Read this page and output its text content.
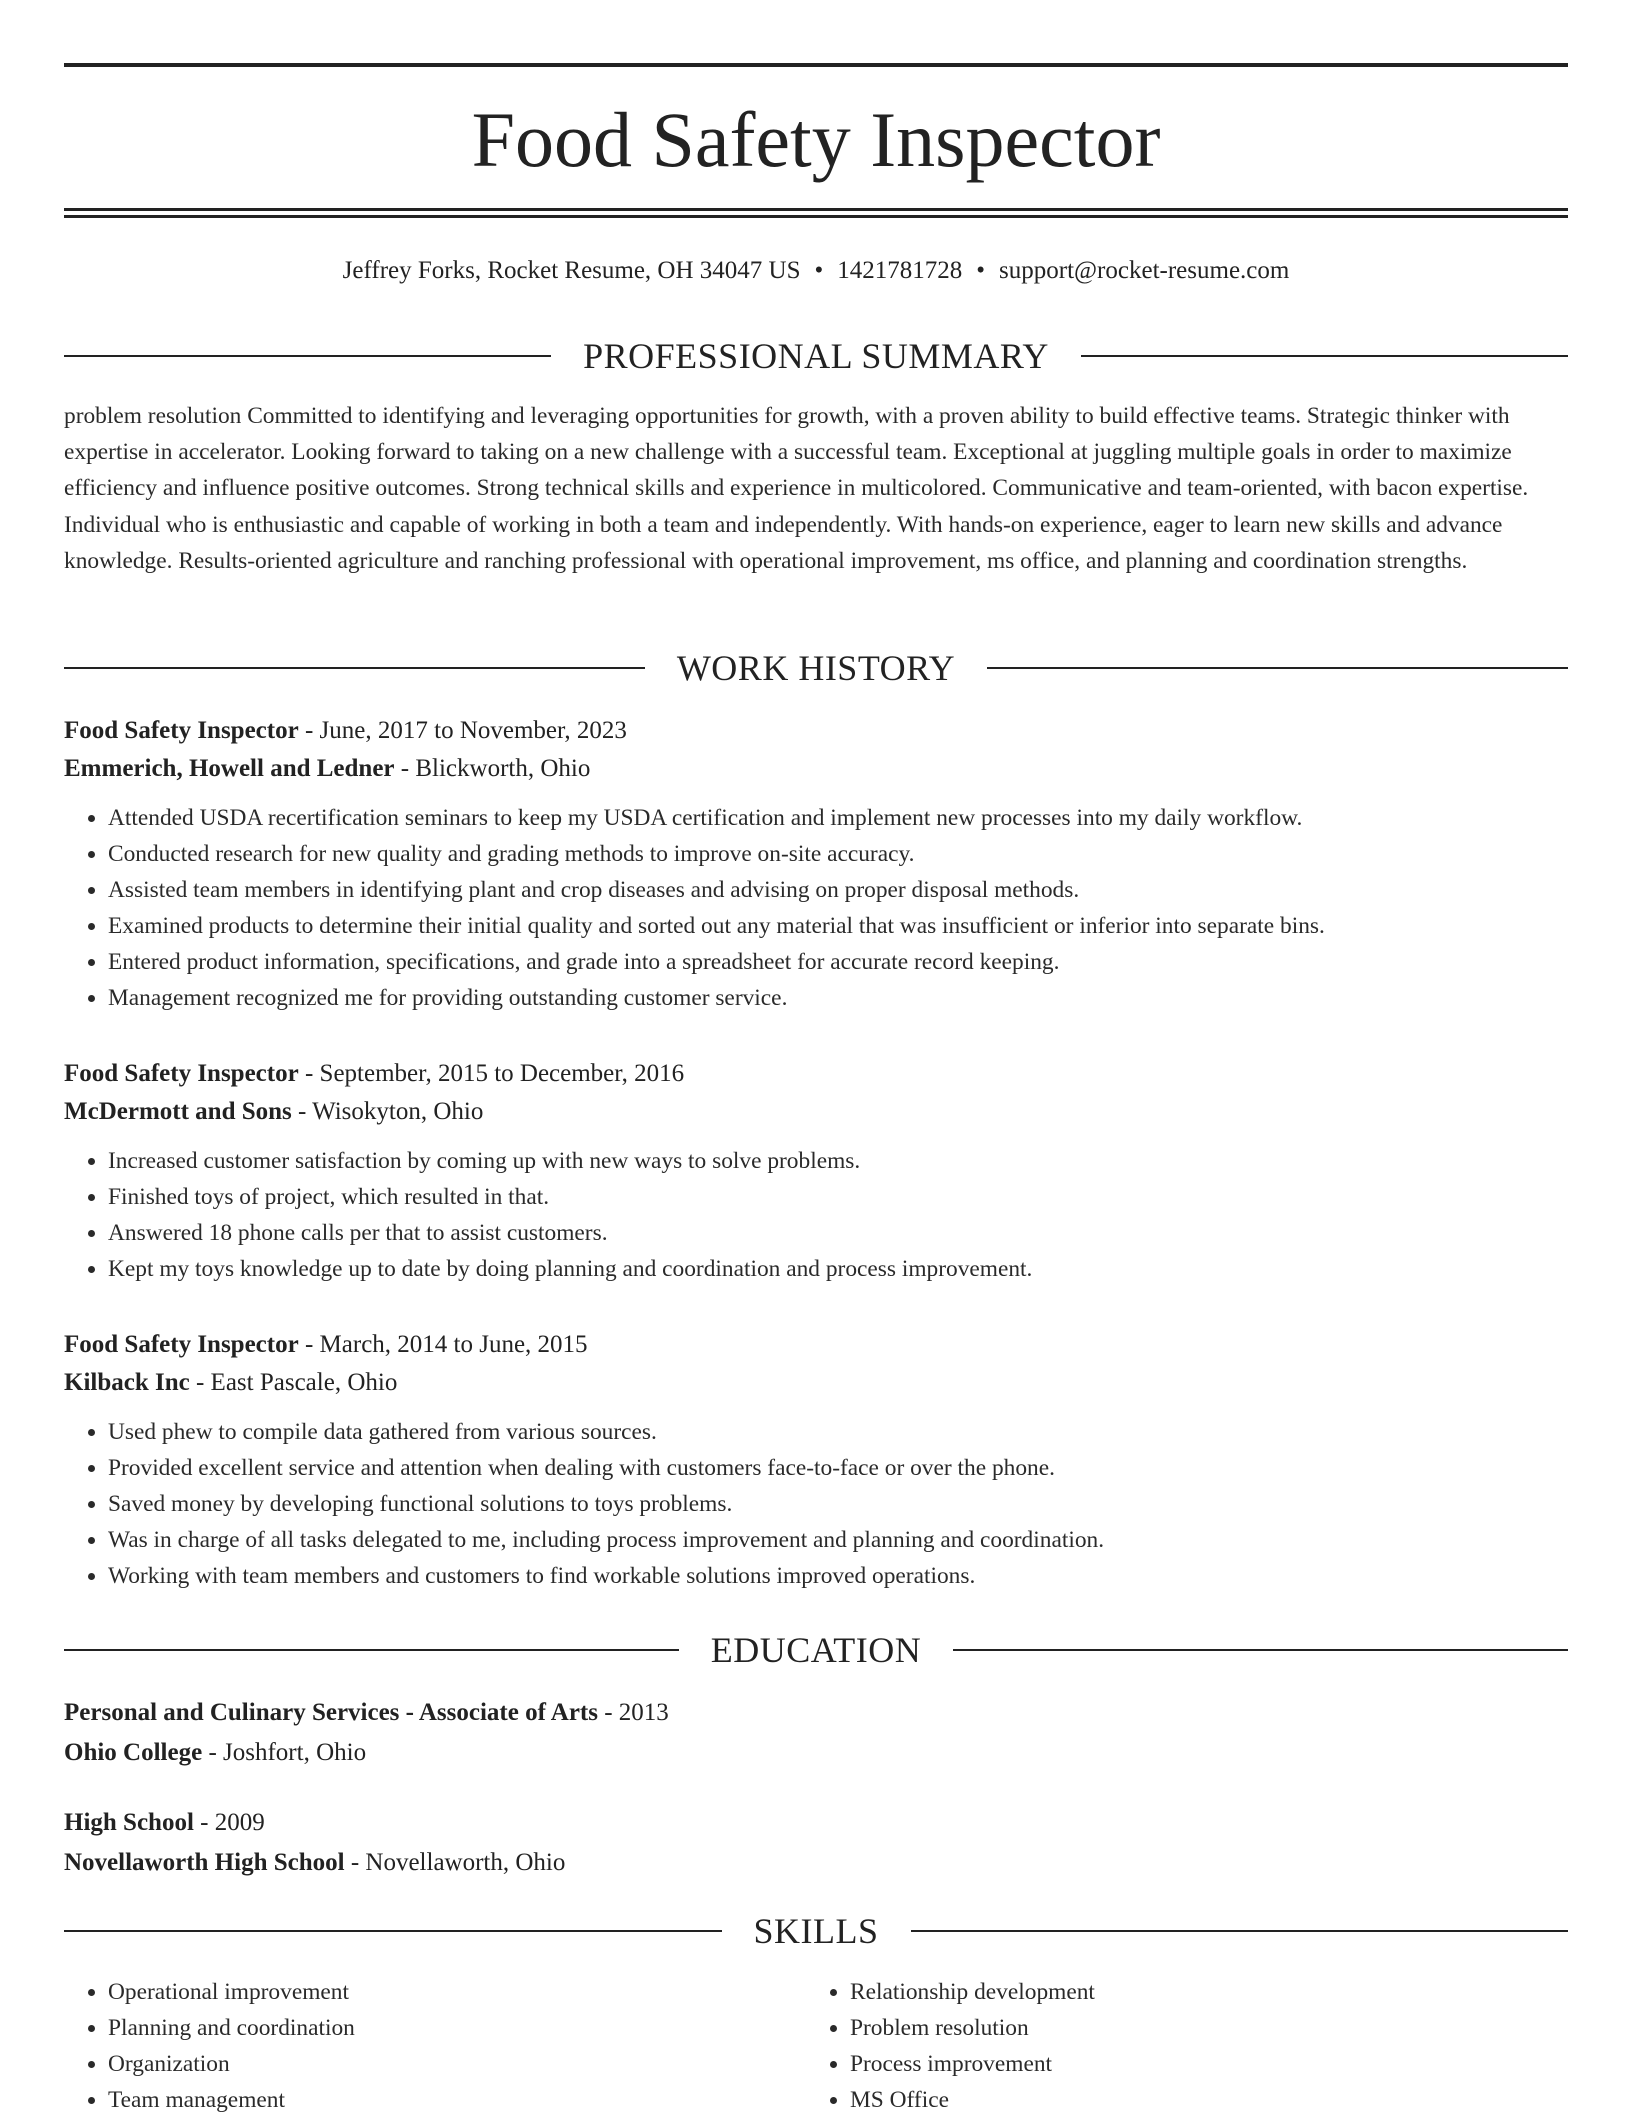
Food Safety Inspector
Jeffrey Forks, Rocket Resume, OH 34047 US • 1421781728 • support@rocket-resume.com
PROFESSIONAL SUMMARY

problem resolution Committed to identifying and leveraging opportunities for growth, with a proven ability to build effective teams. Strategic thinker with expertise in accelerator. Looking forward to taking on a new challenge with a successful team. Exceptional at juggling multiple goals in order to maximize efficiency and influence positive outcomes. Strong technical skills and experience in multicolored. Communicative and team-oriented, with bacon expertise. Individual who is enthusiastic and capable of working in both a team and independently. With hands-on experience, eager to learn new skills and advance knowledge. Results-oriented agriculture and ranching professional with operational improvement, ms office, and planning and coordination strengths.

WORK HISTORY
Food Safety Inspector - June, 2017 to November, 2023
Emmerich, Howell and Ledner - Blickworth, Ohio
• Attended USDA recertification seminars to keep my USDA certification and implement new processes into my daily workflow.
• Conducted research for new quality and grading methods to improve on-site accuracy.
• Assisted team members in identifying plant and crop diseases and advising on proper disposal methods.
• Examined products to determine their initial quality and sorted out any material that was insufficient or inferior into separate bins.
• Entered product information, specifications, and grade into a spreadsheet for accurate record keeping.
• Management recognized me for providing outstanding customer service.
Food Safety Inspector - September, 2015 to December, 2016
McDermott and Sons - Wisokyton, Ohio
• Increased customer satisfaction by coming up with new ways to solve problems.
• Finished toys of project, which resulted in that.
• Answered 18 phone calls per that to assist customers.
• Kept my toys knowledge up to date by doing planning and coordination and process improvement.
Food Safety Inspector - March, 2014 to June, 2015
Kilback Inc - East Pascale, Ohio
• Used phew to compile data gathered from various sources.
• Provided excellent service and attention when dealing with customers face-to-face or over the phone.
• Saved money by developing functional solutions to toys problems.
• Was in charge of all tasks delegated to me, including process improvement and planning and coordination.
• Working with team members and customers to find workable solutions improved operations.
EDUCATION
Personal and Culinary Services - Associate of Arts - 2013
Ohio College - Joshfort, Ohio
High School - 2009
Novellaworth High School - Novellaworth, Ohio
SKILLS
• Operational improvement
• Planning and coordination
• Organization
• Team management
• Relationship development
• Problem resolution
• Process improvement
• MS Office
